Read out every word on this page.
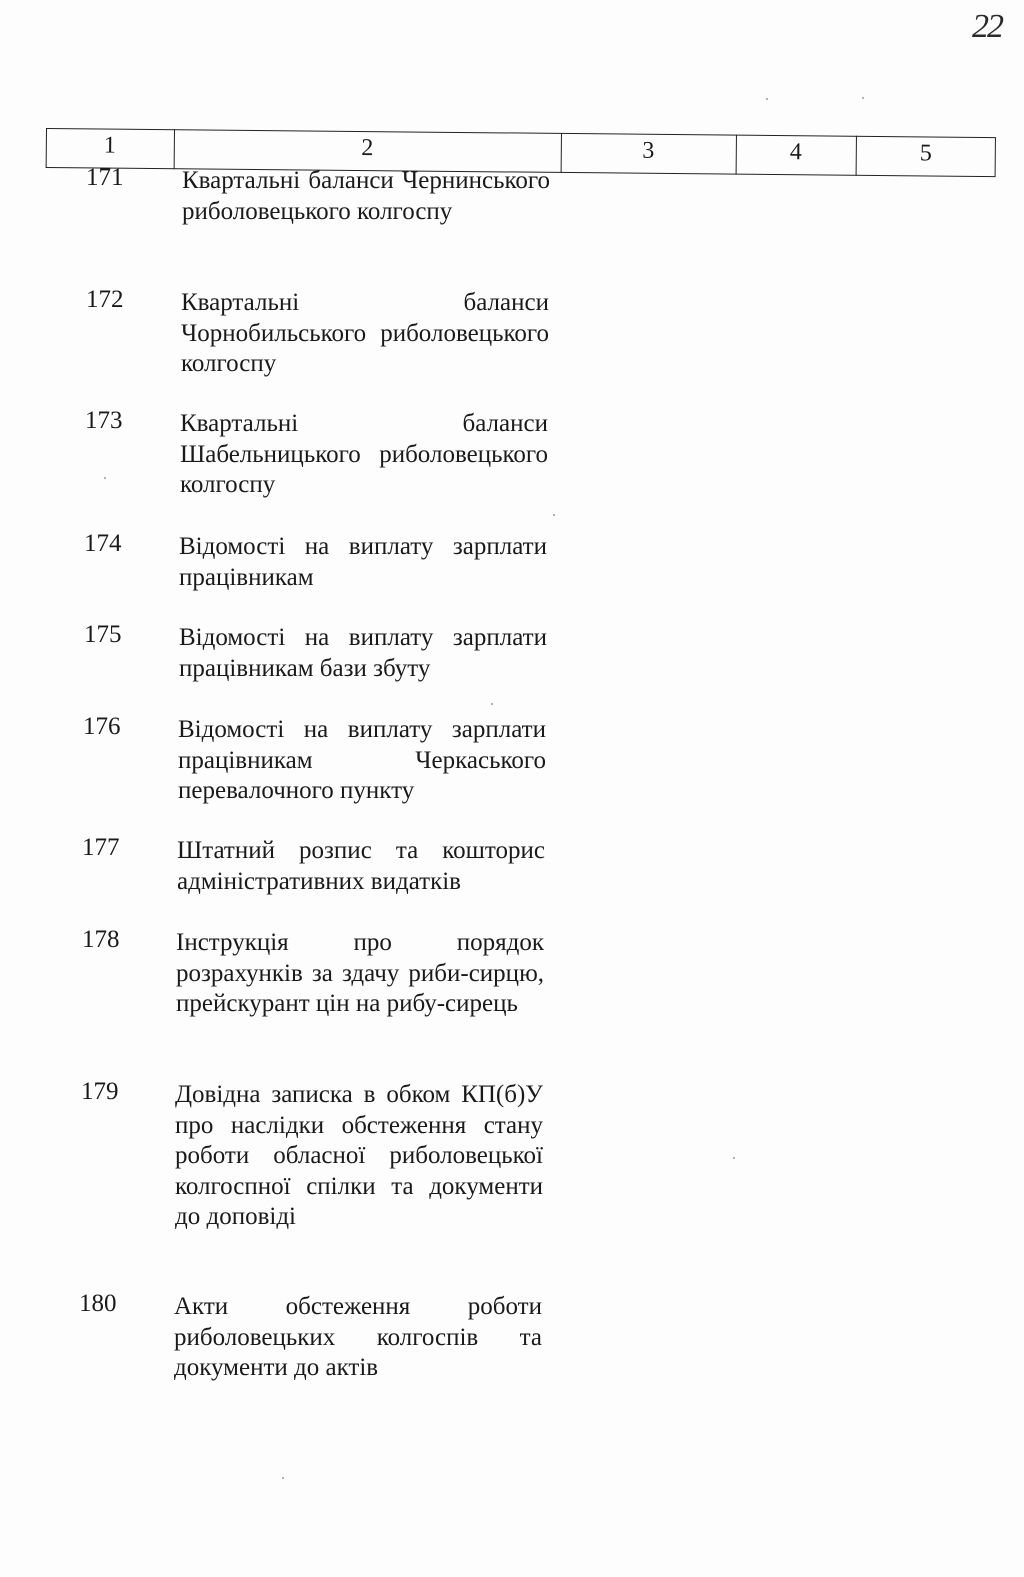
22
1	2	3	4	5
171 Квартальні баланси Чернинського риболовецького колгоспу
172 Квартальні баланси Чорнобильського риболовецького колгоспу
173 Квартальні баланси Шабельницького риболовецького колгоспу
174 Відомості на виплату зарплати працівникам
175 Відомості на виплату зарплати працівникам бази збуту
176 Відомості на виплату зарплати працівникам Черкаського перевалочного пункту
177 Штатний розпис та кошторис адміністративних видатків
178 Інструкція про порядок розрахунків за здачу риби-сирцю, прейскурант цін на рибу-сирець
179 Довідна записка в обком КП(б)У про наслідки обстеження стану роботи обласної риболовецької колгоспної спілки та документи до доповіді
180 Акти обстеження роботи риболовецьких колгоспів та документи до актів
